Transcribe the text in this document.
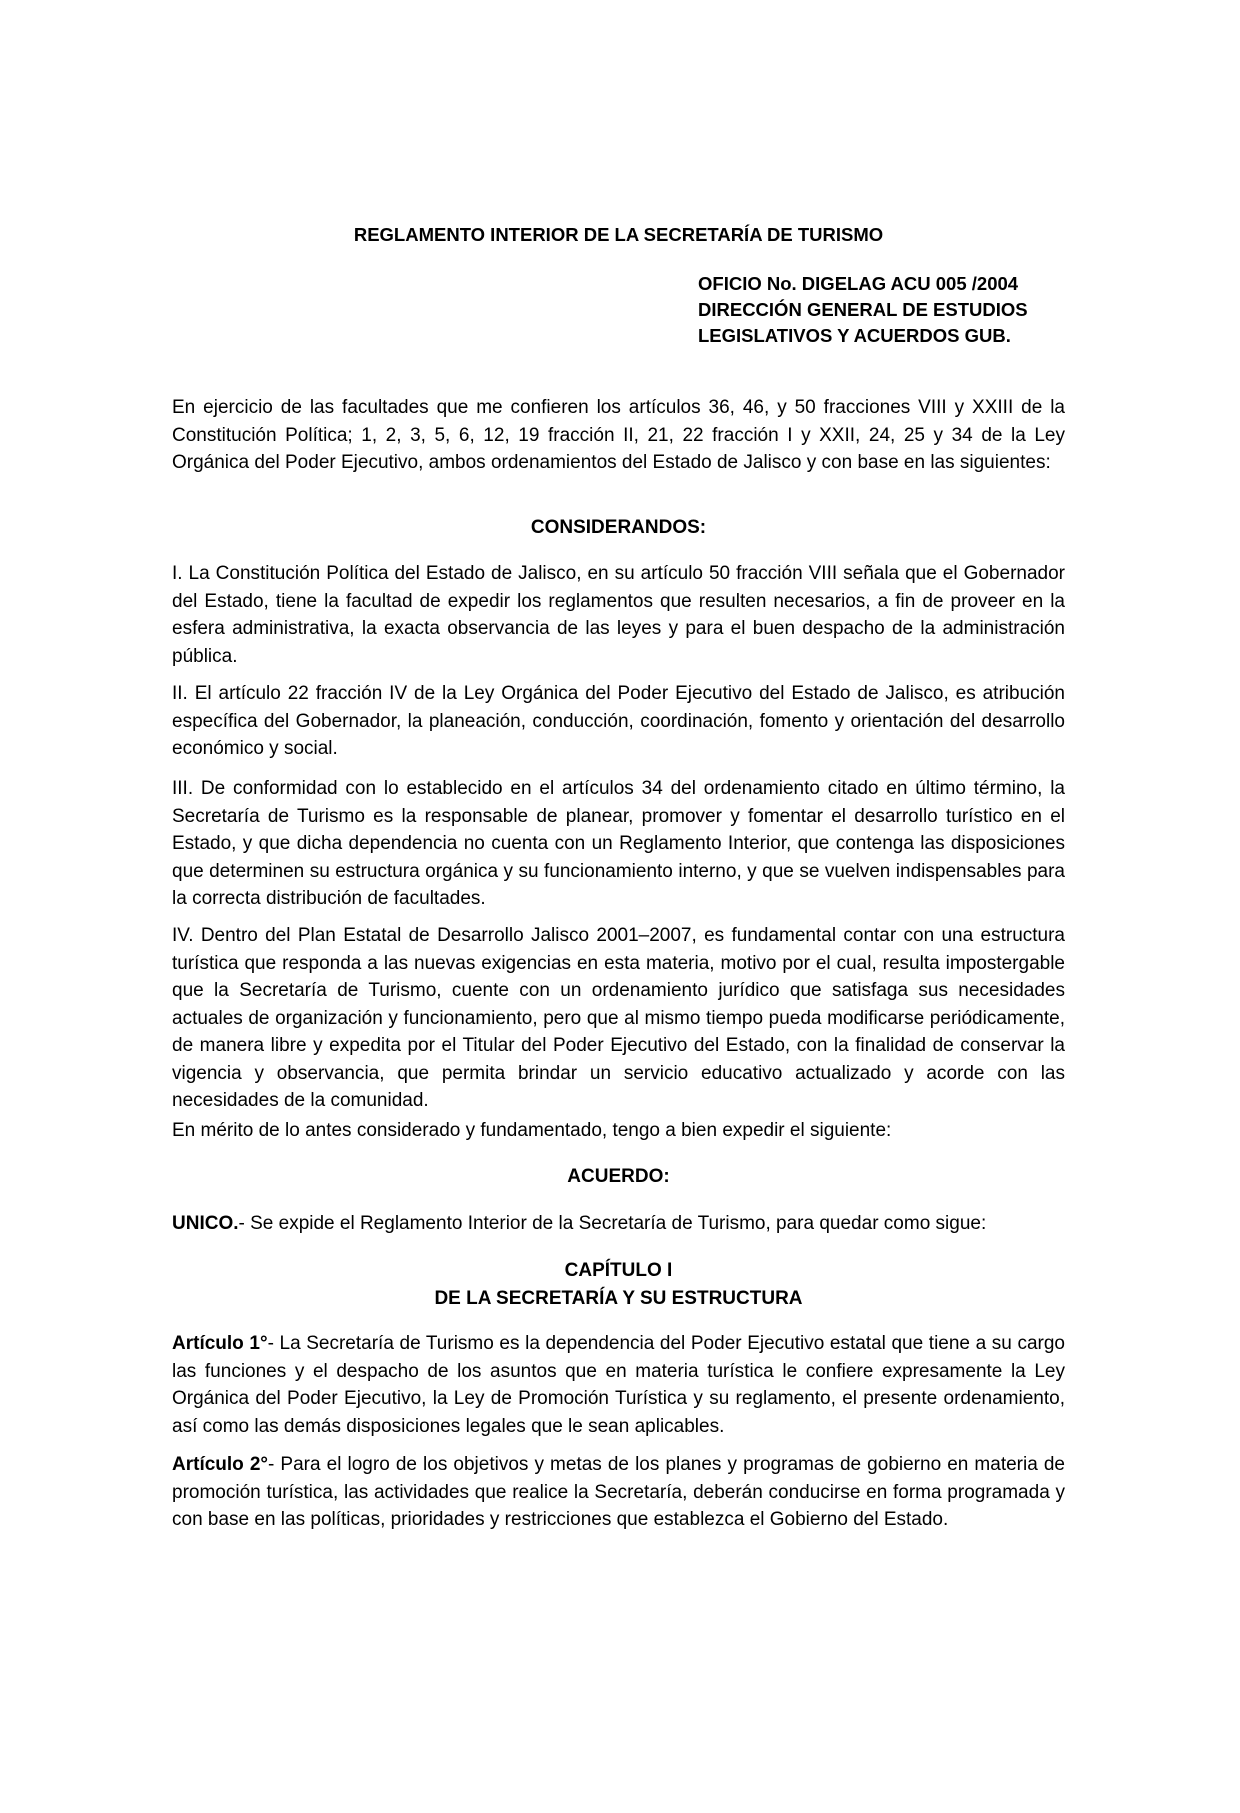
REGLAMENTO INTERIOR DE LA SECRETARÍA DE TURISMO
OFICIO No. DIGELAG ACU 005 /2004
DIRECCIÓN GENERAL DE ESTUDIOS
LEGISLATIVOS Y ACUERDOS GUB.

En ejercicio de las facultades que me confieren los artículos 36, 46, y 50 fracciones VIII y XXIII de la Constitución Política; 1, 2, 3, 5, 6, 12, 19 fracción II, 21, 22 fracción I y XXII, 24, 25 y 34 de la Ley Orgánica del Poder Ejecutivo, ambos ordenamientos del Estado de Jalisco y con base en las siguientes:

CONSIDERANDOS:

I. La Constitución Política del Estado de Jalisco, en su artículo 50 fracción VIII señala que el Gobernador del Estado, tiene la facultad de expedir los reglamentos que resulten necesarios, a fin de proveer en la esfera administrativa, la exacta observancia de las leyes y para el buen despacho de la administración pública.

II. El artículo 22 fracción IV de la Ley Orgánica del Poder Ejecutivo del Estado de Jalisco, es atribución específica del Gobernador, la planeación, conducción, coordinación, fomento y orientación del desarrollo económico y social.

III. De conformidad con lo establecido en el artículos 34 del ordenamiento citado en último término, la Secretaría de Turismo es la responsable de planear, promover y fomentar el desarrollo turístico en el Estado, y que dicha dependencia no cuenta con un Reglamento Interior, que contenga las disposiciones que determinen su estructura orgánica y su funcionamiento interno, y que se vuelven indispensables para la correcta distribución de facultades.

IV. Dentro del Plan Estatal de Desarrollo Jalisco 2001–2007, es fundamental contar con una estructura turística que responda a las nuevas exigencias en esta materia, motivo por el cual, resulta impostergable que la Secretaría de Turismo, cuente con un ordenamiento jurídico que satisfaga sus necesidades actuales de organización y funcionamiento, pero que al mismo tiempo pueda modificarse periódicamente, de manera libre y expedita por el Titular del Poder Ejecutivo del Estado, con la finalidad de conservar la vigencia y observancia, que permita brindar un servicio educativo actualizado y acorde con las necesidades de la comunidad.

En mérito de lo antes considerado y fundamentado, tengo a bien expedir el siguiente:

ACUERDO:

UNICO.- Se expide el Reglamento Interior de la Secretaría de Turismo, para quedar como sigue:

CAPÍTULO I
DE LA SECRETARÍA Y SU ESTRUCTURA

Artículo 1°- La Secretaría de Turismo es la dependencia del Poder Ejecutivo estatal que tiene a su cargo las funciones y el despacho de los asuntos que en materia turística le confiere expresamente la Ley Orgánica del Poder Ejecutivo, la Ley de Promoción Turística y su reglamento, el presente ordenamiento, así como las demás disposiciones legales que le sean aplicables.

Artículo 2°- Para el logro de los objetivos y metas de los planes y programas de gobierno en materia de promoción turística, las actividades que realice la Secretaría, deberán conducirse en forma programada y con base en las políticas, prioridades y restricciones que establezca el Gobierno del Estado.
